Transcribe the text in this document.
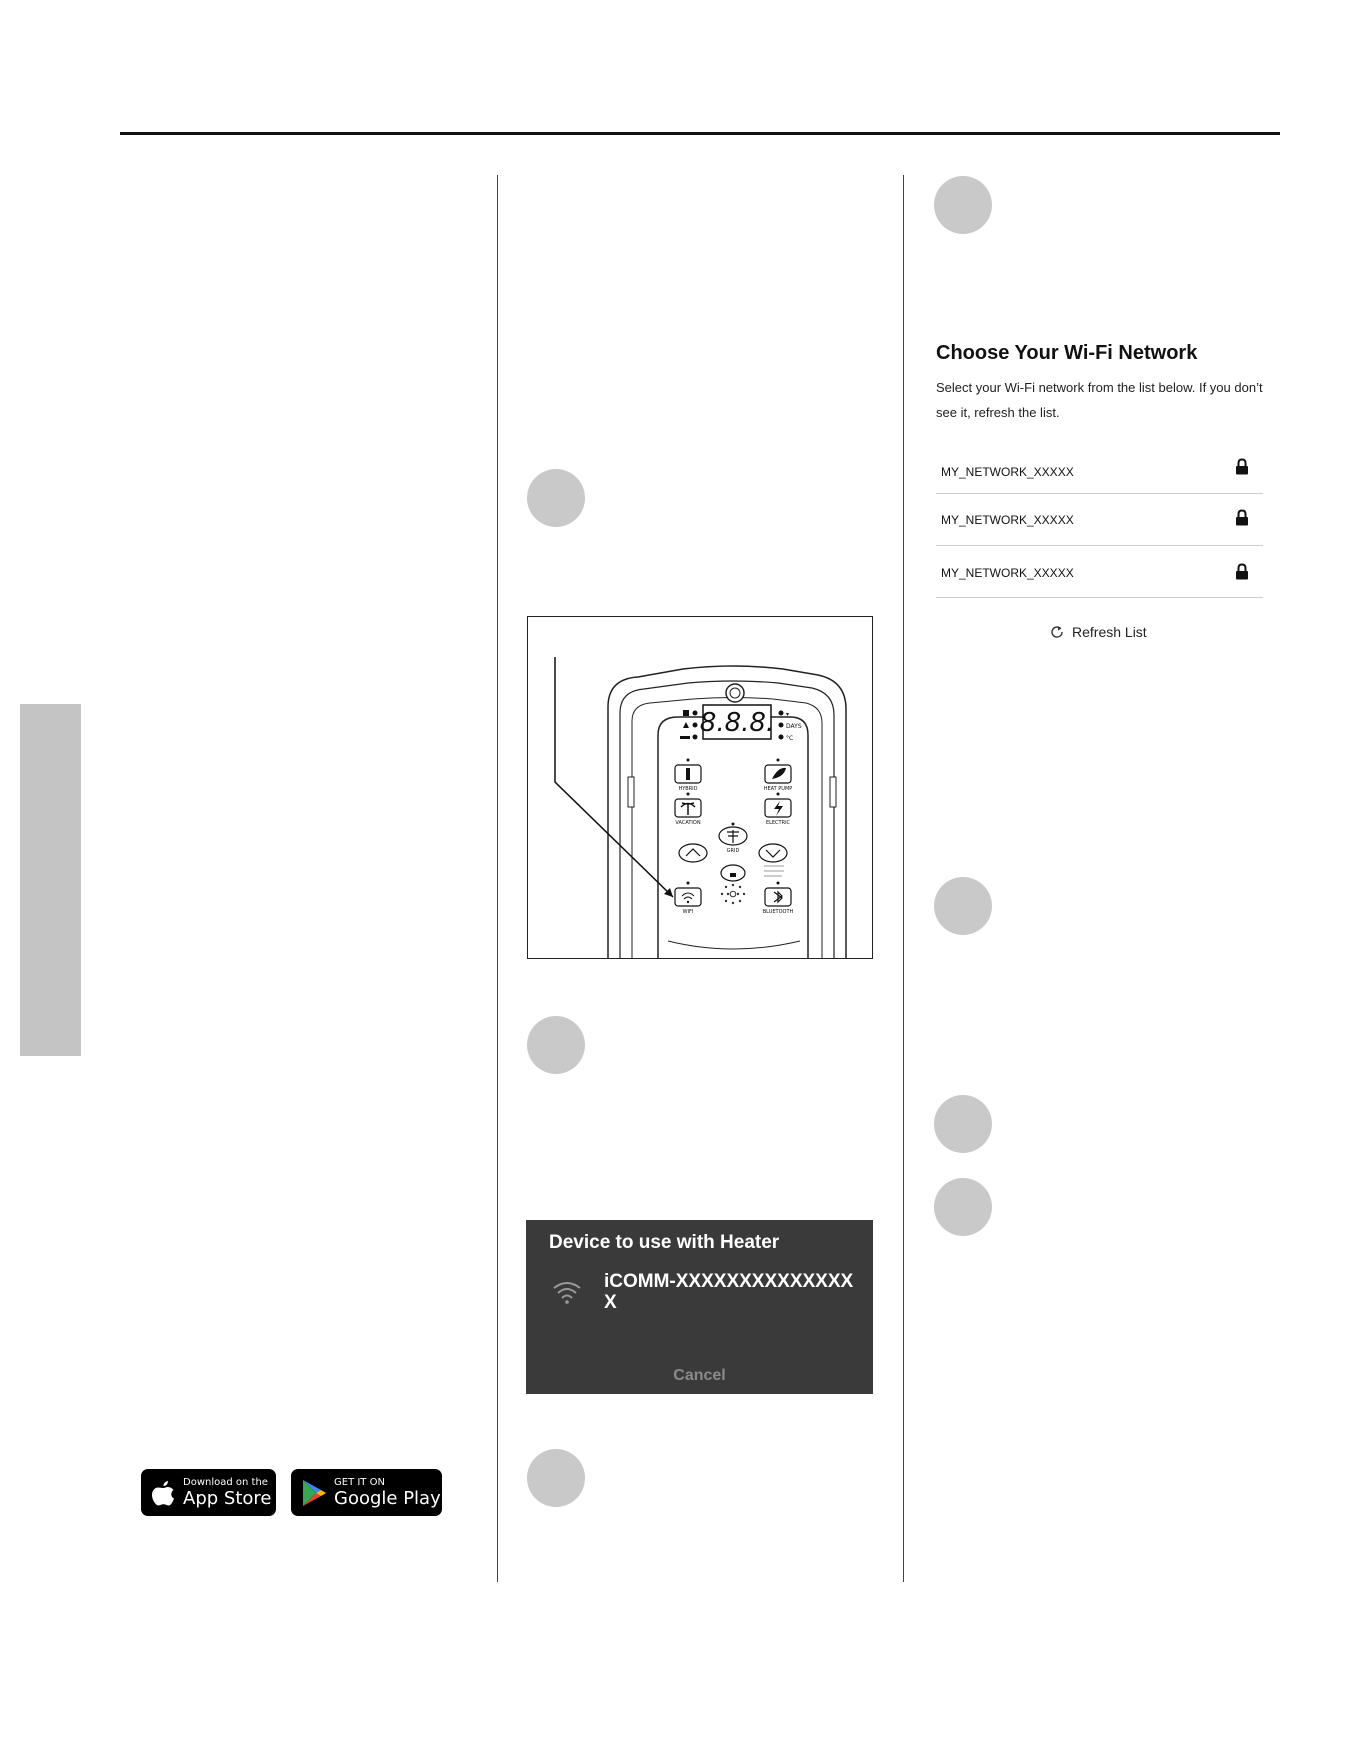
Download on the
App Store
GET IT ON
Google Play
8.8.8. ▾
DAYS
°C
HYBRID	HEAT PUMP
VACATION	ELECTRIC
GRID
WIFI	BLUETOOTH
Device to use with Heater
iCOMM-XXXXXXXXXXXXXXX
Cancel
Choose Your Wi-Fi Network
Select your Wi-Fi network from the list below. If you don’t see it, refresh the list.
MY_NETWORK_XXXXX
MY_NETWORK_XXXXX
MY_NETWORK_XXXXX
Refresh List
